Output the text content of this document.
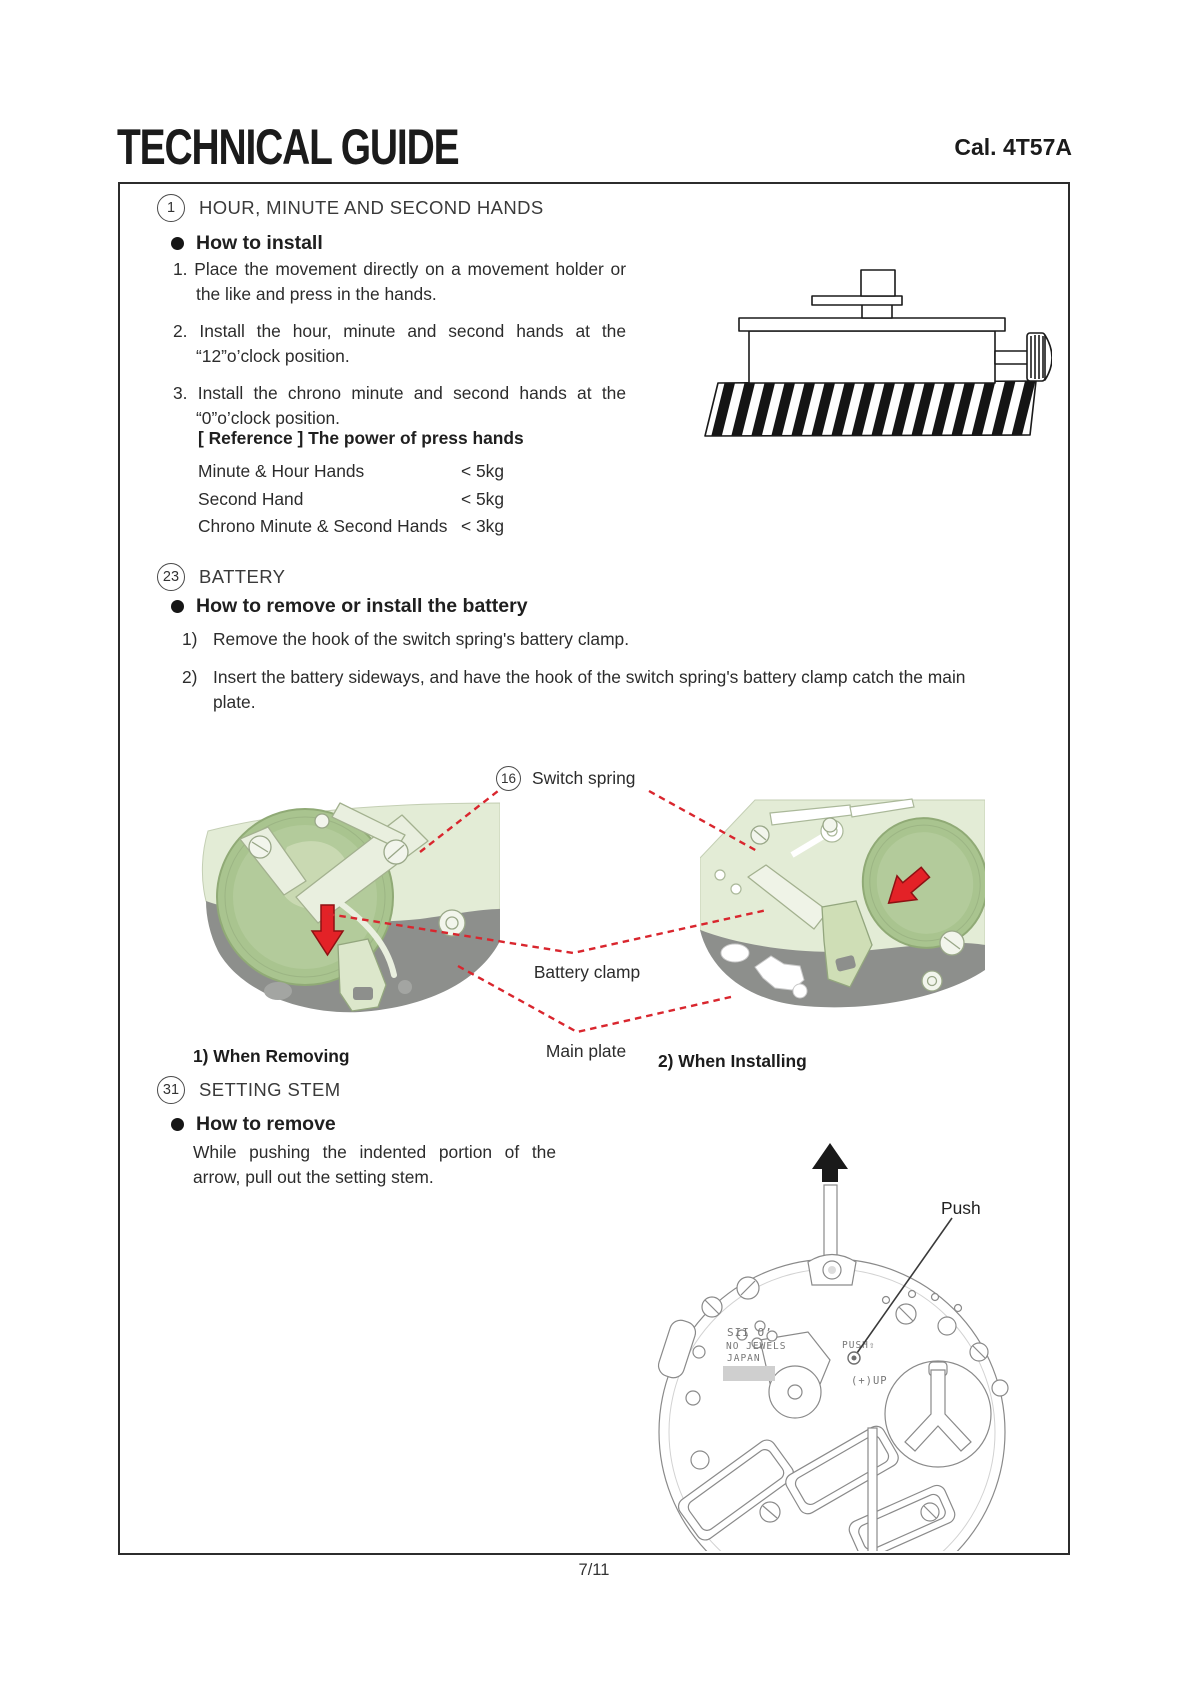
TECHNICAL GUIDE	Cal. 4T57A
1	HOUR, MINUTE AND SECOND HANDS
How to install

1. Place the movement directly on a movement holder or the like and press in the hands.

2. Install the hour, minute and second hands at the “12”o’clock position.

3. Install the chrono minute and second hands at the “0”o’clock position.

[ Reference ] The power of press hands
Minute & Hour Hands	< 5kg
Second Hand	< 5kg
Chrono Minute & Second Hands < 3kg
23	BATTERY
How to remove or install the battery
1) Remove the hook of the switch spring's battery clamp.
2) Insert the battery sideways, and have the hook of the switch spring's battery clamp catch the main plate.
16 Switch spring
Battery clamp
Main plate
1) When Removing	2) When Installing
31	SETTING STEM
How to remove
While pushing the indented portion of the arrow, pull out the setting stem.
Push
SII O’
NO JEWELS
JAPAN
PUSH⇧
(+)UP
7/11
